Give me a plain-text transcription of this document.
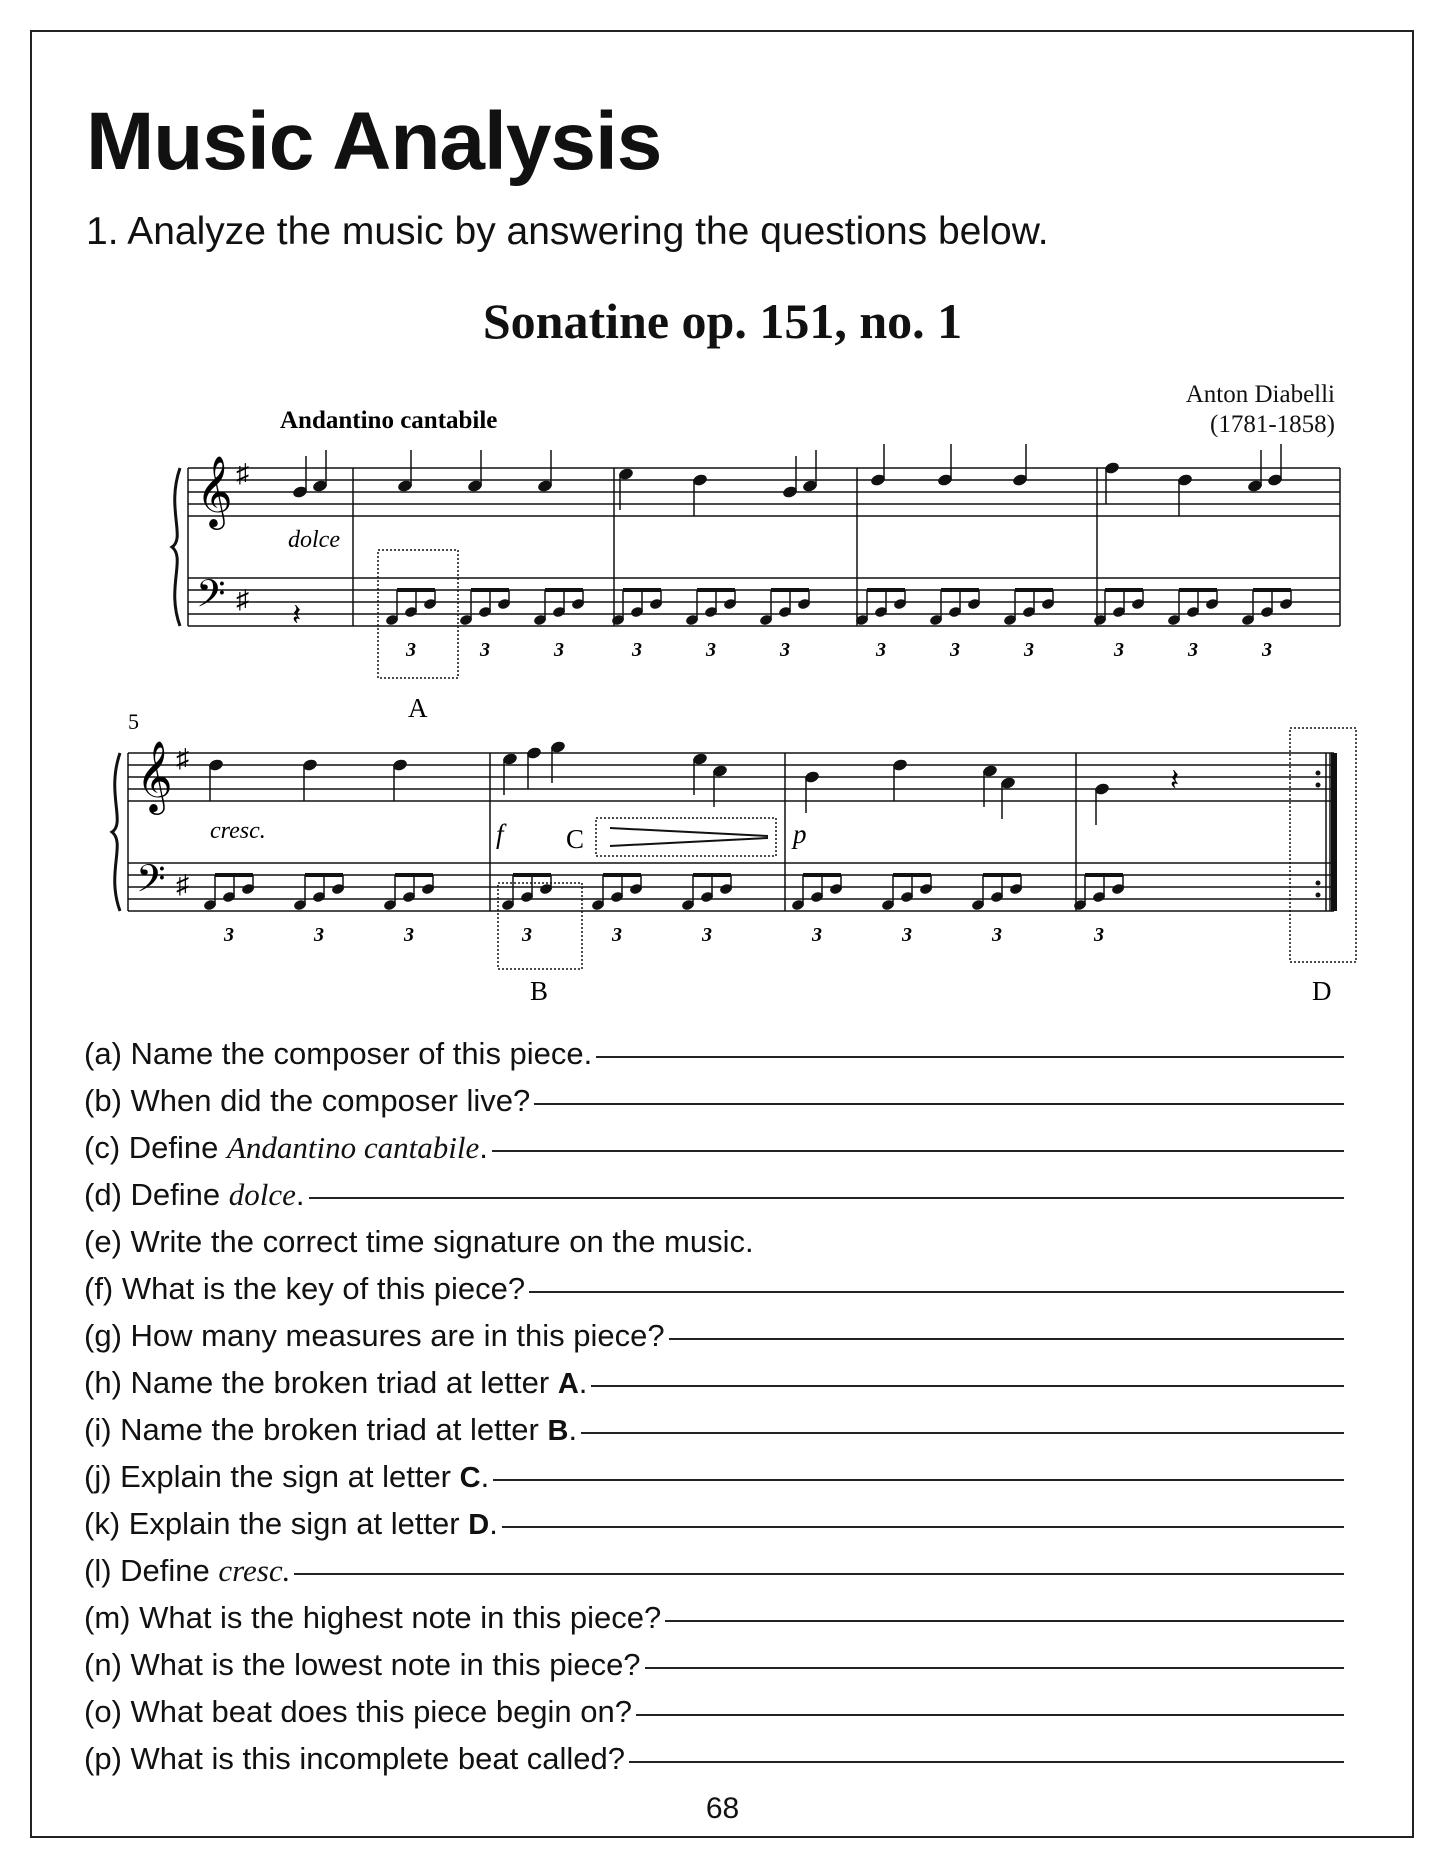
Music Analysis
1. Analyze the music by answering the questions below.
Sonatine op. 151, no. 1
Anton Diabelli
(1781-1858)
𝄞
𝄢
♯
♯
𝄞
𝄢
♯
♯
𝄽
𝄽
3	3	3	3	3	3	3	3	3	3	3	3
3	3	3	3	3	3	3	3	3	3
Andantino cantabile
dolce
cresc.	f	p
5	A
B
C
D
(a) Name the composer of this piece.
(b) When did the composer live?
(c) Define Andantino cantabile.
(d) Define dolce.
(e) Write the correct time signature on the music.
(f) What is the key of this piece?
(g) How many measures are in this piece?
(h) Name the broken triad at letter A.
(i) Name the broken triad at letter B.
(j) Explain the sign at letter C.
(k) Explain the sign at letter D.
(l) Define cresc.
(m) What is the highest note in this piece?
(n) What is the lowest note in this piece?
(o) What beat does this piece begin on?
(p) What is this incomplete beat called?
68
